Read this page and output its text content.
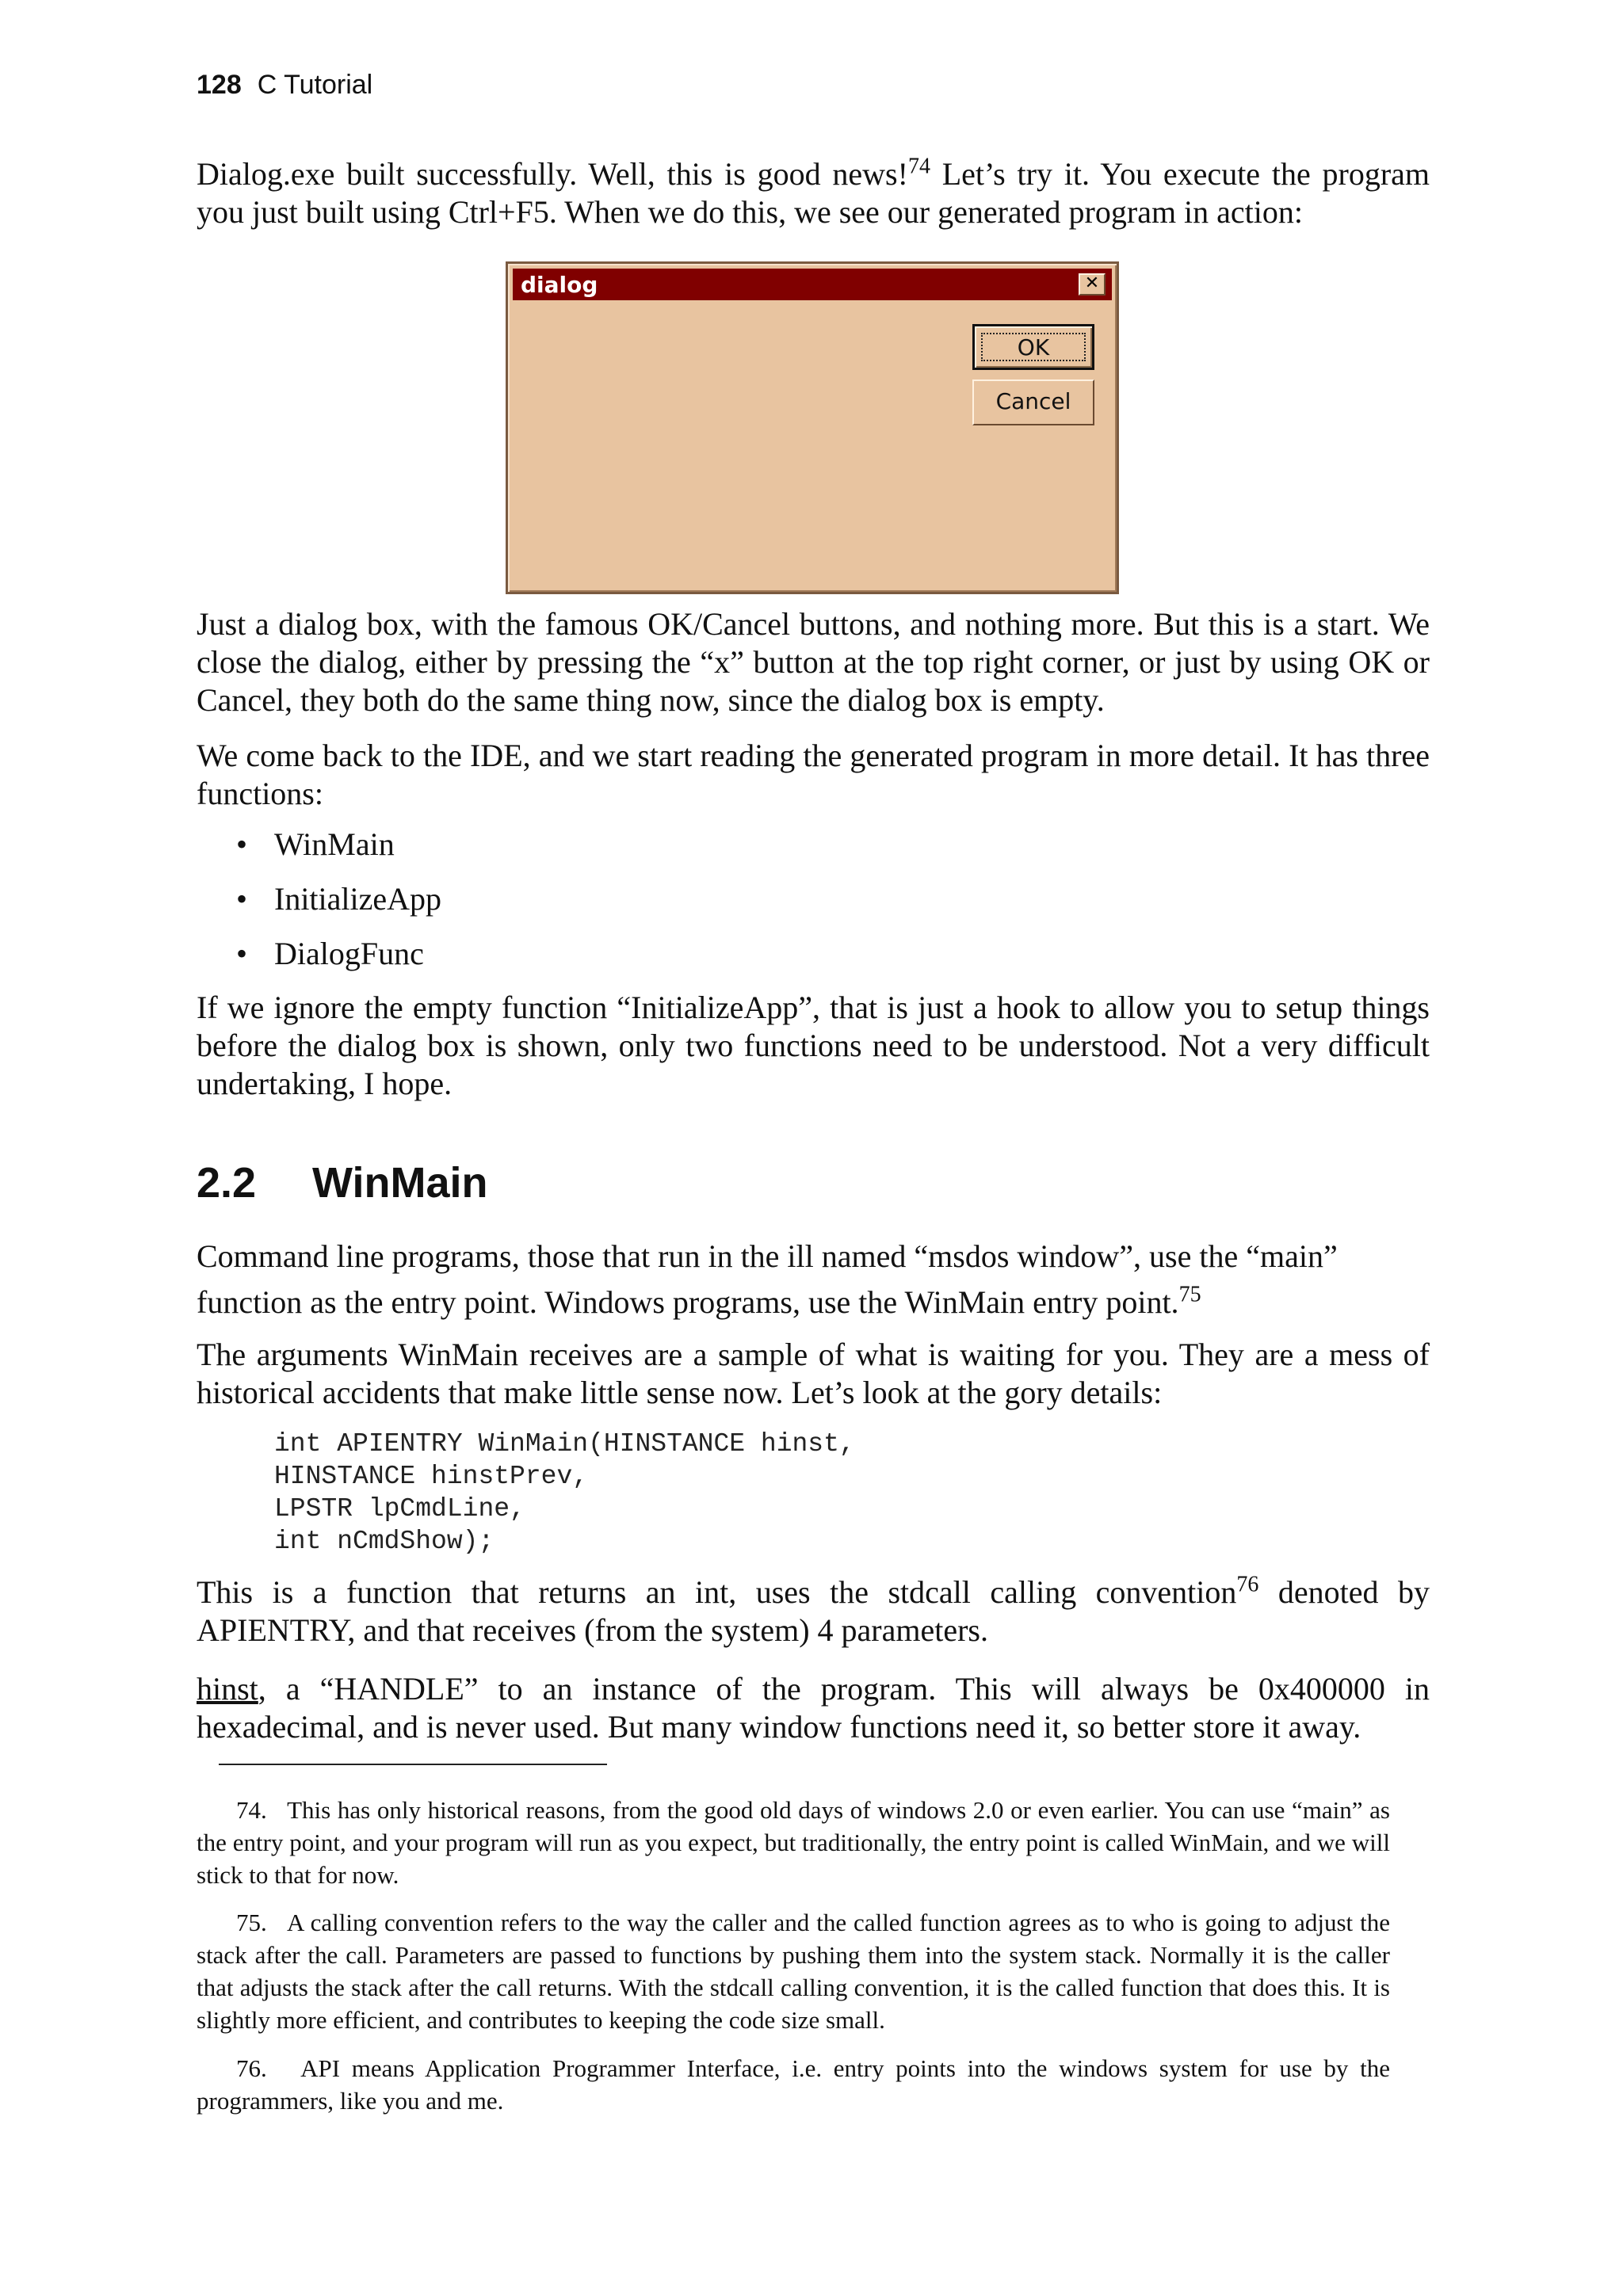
128 C Tutorial

Dialog.exe built successfully. Well, this is good news!$^{74}$ Let’s try it. You execute the program you just built using Ctrl+F5. When we do this, we see our generated program in action:

dialog	✕
OK
Cancel

Just a dialog box, with the famous OK/Cancel buttons, and nothing more. But this is a start. We close the dialog, either by pressing the “x” button at the top right corner, or just by using OK or Cancel, they both do the same thing now, since the dialog box is empty.

We come back to the IDE, and we start reading the generated program in more detail. It has three functions:

• WinMain
• InitializeApp
• DialogFunc

If we ignore the empty function “InitializeApp”, that is just a hook to allow you to setup things before the dialog box is shown, only two functions need to be understood. Not a very difficult undertaking, I hope.

2.2 WinMain

Command line programs, those that run in the ill named “msdos window”, use the “main”
function as the entry point. Windows programs, use the WinMain entry point.$^{75}$

The arguments WinMain receives are a sample of what is waiting for you. They are a mess of historical accidents that make little sense now. Let’s look at the gory details:

int APIENTRY WinMain(HINSTANCE hinst,
HINSTANCE hinstPrev,
LPSTR lpCmdLine,
int nCmdShow);

This is a function that returns an int, uses the stdcall calling convention$^{76}$ denoted by APIENTRY, and that receives (from the system) 4 parameters.

hinst, a “HANDLE” to an instance of the program. This will always be 0x400000 in hexadecimal, and is never used. But many window functions need it, so better store it away.

74. This has only historical reasons, from the good old days of windows 2.0 or even earlier. You can use “main” as the entry point, and your program will run as you expect, but traditionally, the entry point is called WinMain, and we will stick to that for now.

75. A calling convention refers to the way the caller and the called function agrees as to who is going to adjust the stack after the call. Parameters are passed to functions by pushing them into the system stack. Normally it is the caller that adjusts the stack after the call returns. With the stdcall calling convention, it is the called function that does this. It is slightly more efficient, and contributes to keeping the code size small.

76. API means Application Programmer Interface, i.e. entry points into the windows system for use by the programmers, like you and me.
